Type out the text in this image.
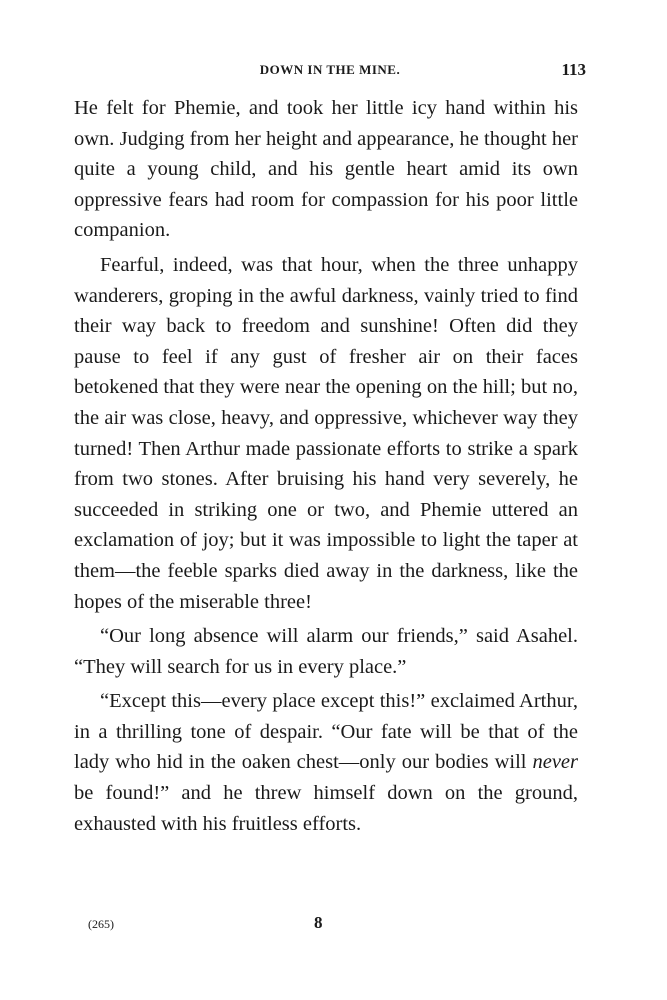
DOWN IN THE MINE.	113

He felt for Phemie, and took her little icy hand within his own. Judging from her height and appearance, he thought her quite a young child, and his gentle heart amid its own oppressive fears had room for compassion for his poor little companion.

Fearful, indeed, was that hour, when the three unhappy wanderers, groping in the awful darkness, vainly tried to find their way back to freedom and sunshine! Often did they pause to feel if any gust of fresher air on their faces betokened that they were near the opening on the hill; but no, the air was close, heavy, and oppressive, whichever way they turned! Then Arthur made passionate efforts to strike a spark from two stones. After bruising his hand very severely, he succeeded in striking one or two, and Phemie uttered an exclamation of joy; but it was impossible to light the taper at them—the feeble sparks died away in the darkness, like the hopes of the miserable three!

“Our long absence will alarm our friends,” said Asahel. “They will search for us in every place.”

“Except this—every place except this!” exclaimed Arthur, in a thrilling tone of despair. “Our fate will be that of the lady who hid in the oaken chest—only our bodies will never be found!” and he threw himself down on the ground, exhausted with his fruitless efforts.

(265)	8
